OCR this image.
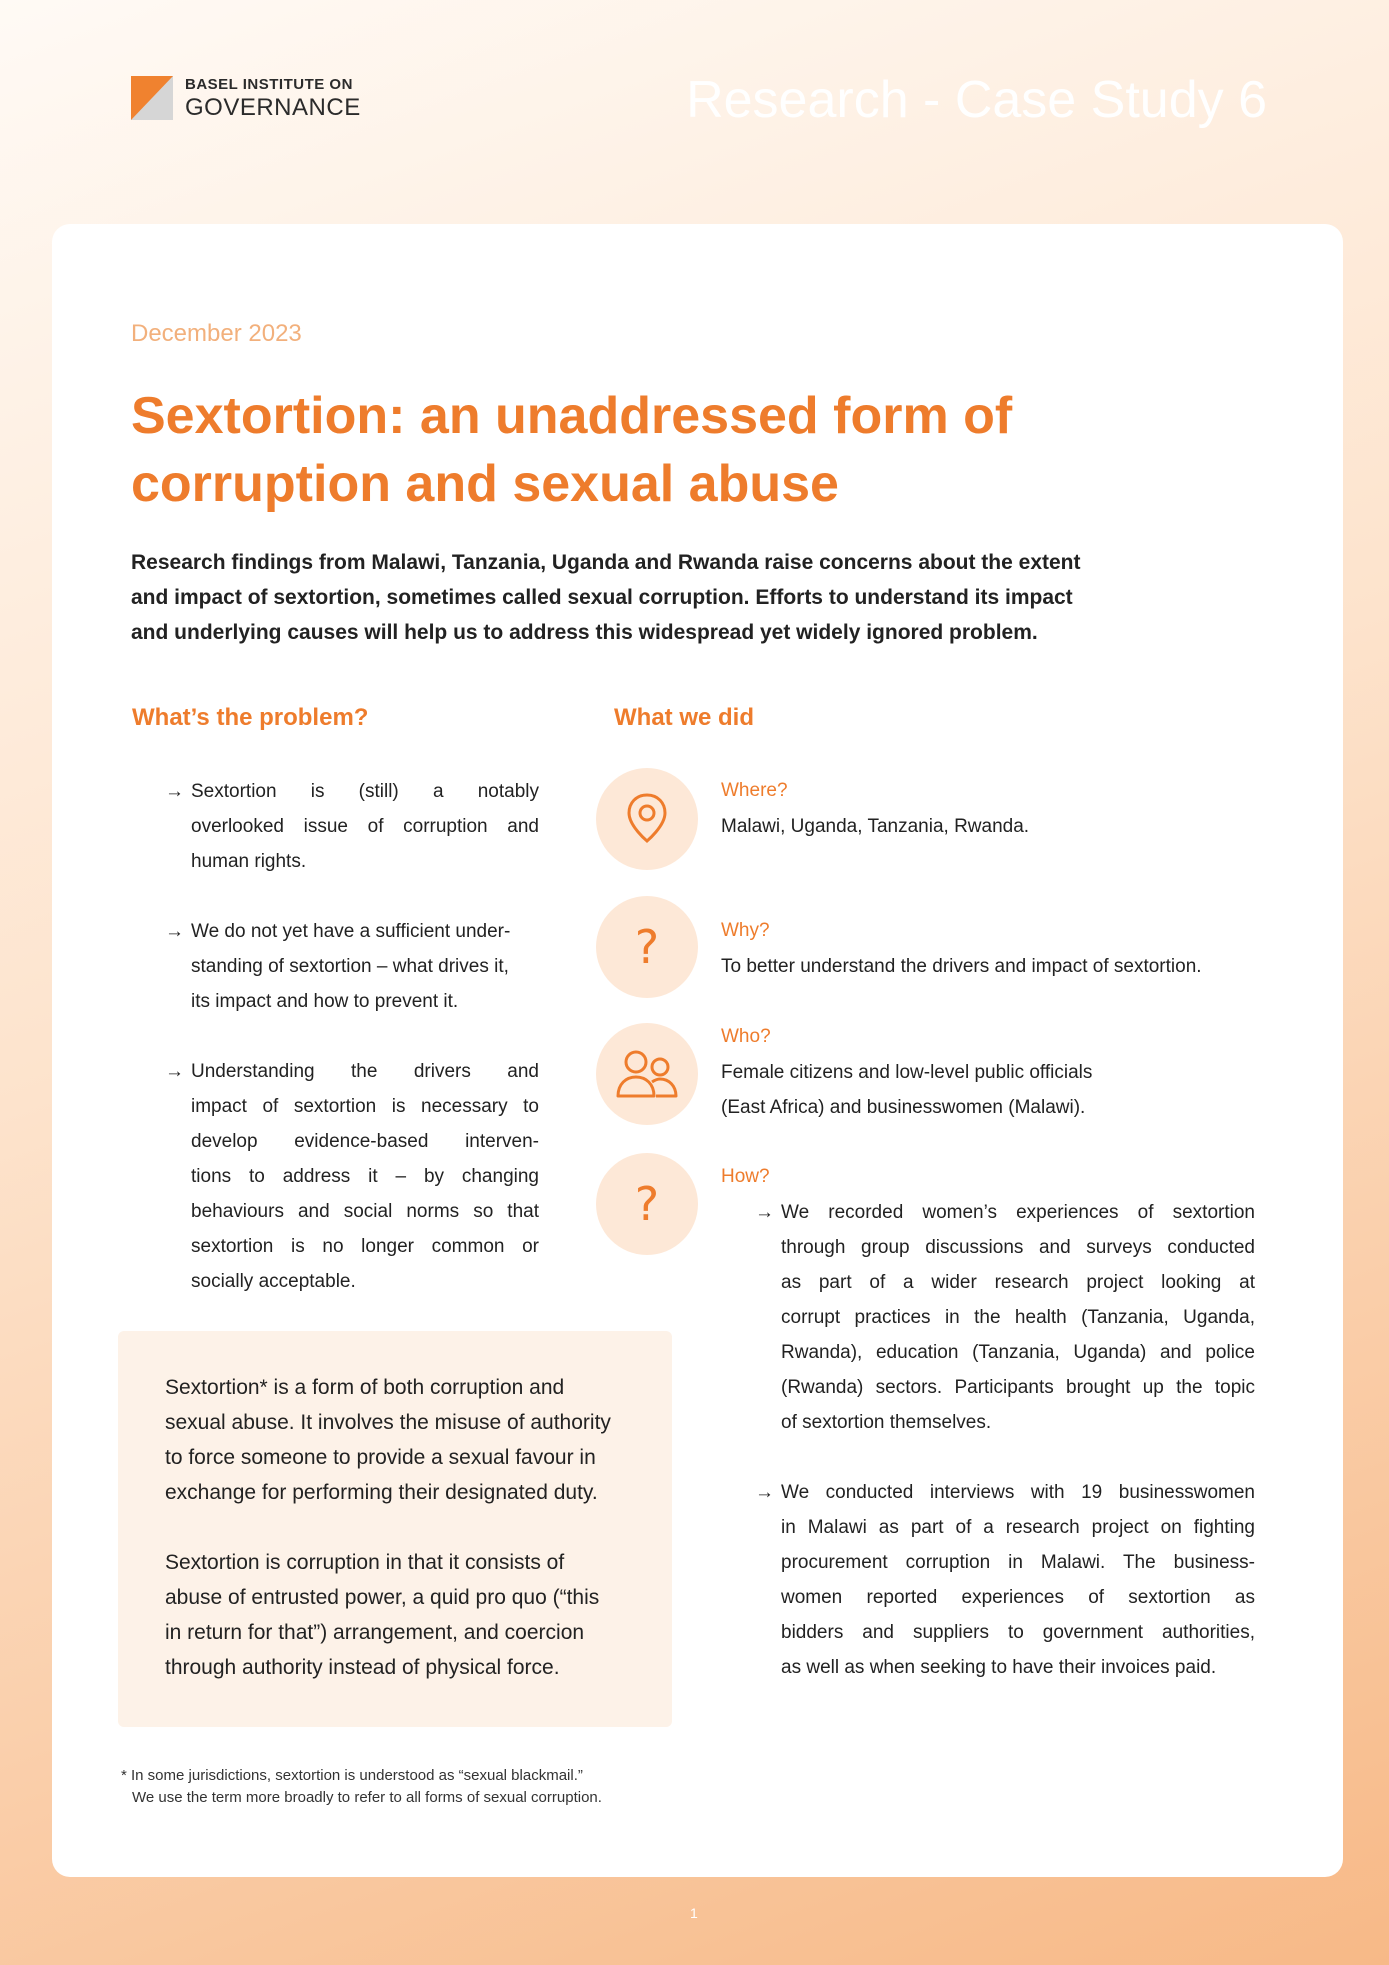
BASEL INSTITUTE ON
GOVERNANCE	Research - Case Study 6
December 2023
Sextortion: an unaddressed form of
corruption and sexual abuse

Research findings from Malawi, Tanzania, Uganda and Rwanda raise concerns about the extent
and impact of sextortion, sometimes called sexual corruption. Efforts to understand its impact
and underlying causes will help us to address this widespread yet widely ignored problem.

What’s the problem?
→ Sextortion is (still) a notably
overlooked issue of corruption and
human rights.
→ We do not yet have a sufficient under-
standing of sextortion – what drives it,
its impact and how to prevent it.
→ Understanding the drivers and
impact of sextortion is necessary to
develop evidence-based interven-
tions to address it – by changing
behaviours and social norms so that
sextortion is no longer common or
socially acceptable.

Sextortion* is a form of both corruption and
sexual abuse. It involves the misuse of authority
to force someone to provide a sexual favour in
exchange for performing their designated duty.

Sextortion is corruption in that it consists of
abuse of entrusted power, a quid pro quo (“this
in return for that”) arrangement, and coercion
through authority instead of physical force.

* In some jurisdictions, sextortion is understood as “sexual blackmail.”
We use the term more broadly to refer to all forms of sexual corruption.
What we did
Where?
Malawi, Uganda, Tanzania, Rwanda.
?	Why?
To better understand the drivers and impact of sextortion.
Who?
Female citizens and low-level public officials
(East Africa) and businesswomen (Malawi).
?
How?
→ We recorded women’s experiences of sextortion
through group discussions and surveys conducted
as part of a wider research project looking at
corrupt practices in the health (Tanzania, Uganda,
Rwanda), education (Tanzania, Uganda) and police
(Rwanda) sectors. Participants brought up the topic
of sextortion themselves.
→ We conducted interviews with 19 businesswomen
in Malawi as part of a research project on fighting
procurement corruption in Malawi. The business-
women reported experiences of sextortion as
bidders and suppliers to government authorities,
as well as when seeking to have their invoices paid.
1
